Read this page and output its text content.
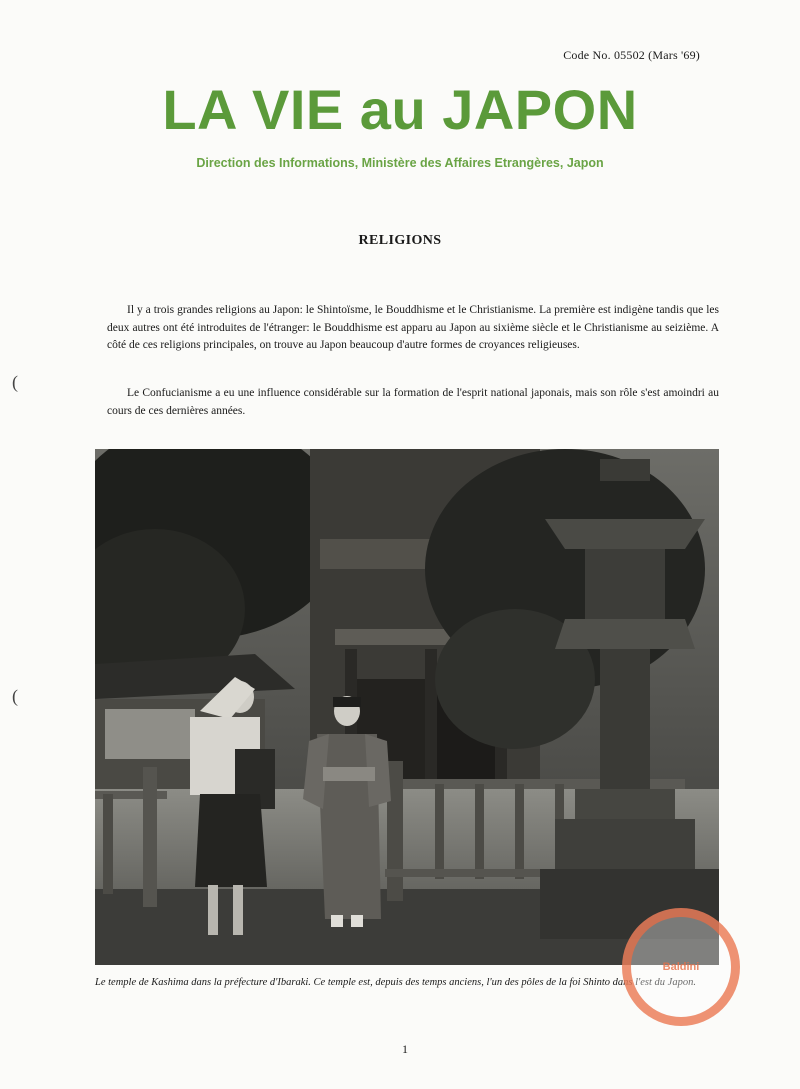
Code No. 05502 (Mars '69)
LA VIE au JAPON
Direction des Informations, Ministère des Affaires Etrangères, Japon
RELIGIONS

Il y a trois grandes religions au Japon: le Shintoïsme, le Bouddhisme et le Christianisme. La première est indigène tandis que les deux autres ont été introduites de l'étranger: le Bouddhisme est apparu au Japon au sixième siècle et le Christianisme au seizième. A côté de ces religions principales, on trouve au Japon beaucoup d'autre formes de croyances religieuses.

Le Confucianisme a eu une influence considérable sur la formation de l'esprit national japonais, mais son rôle s'est amoindri au cours de ces dernières années.

(
(
Le temple de Kashima dans la préfecture d'Ibaraki. Ce temple est, depuis des temps anciens, l'un des pôles de la foi Shinto dans l'est du Japon.
1
Baldini
